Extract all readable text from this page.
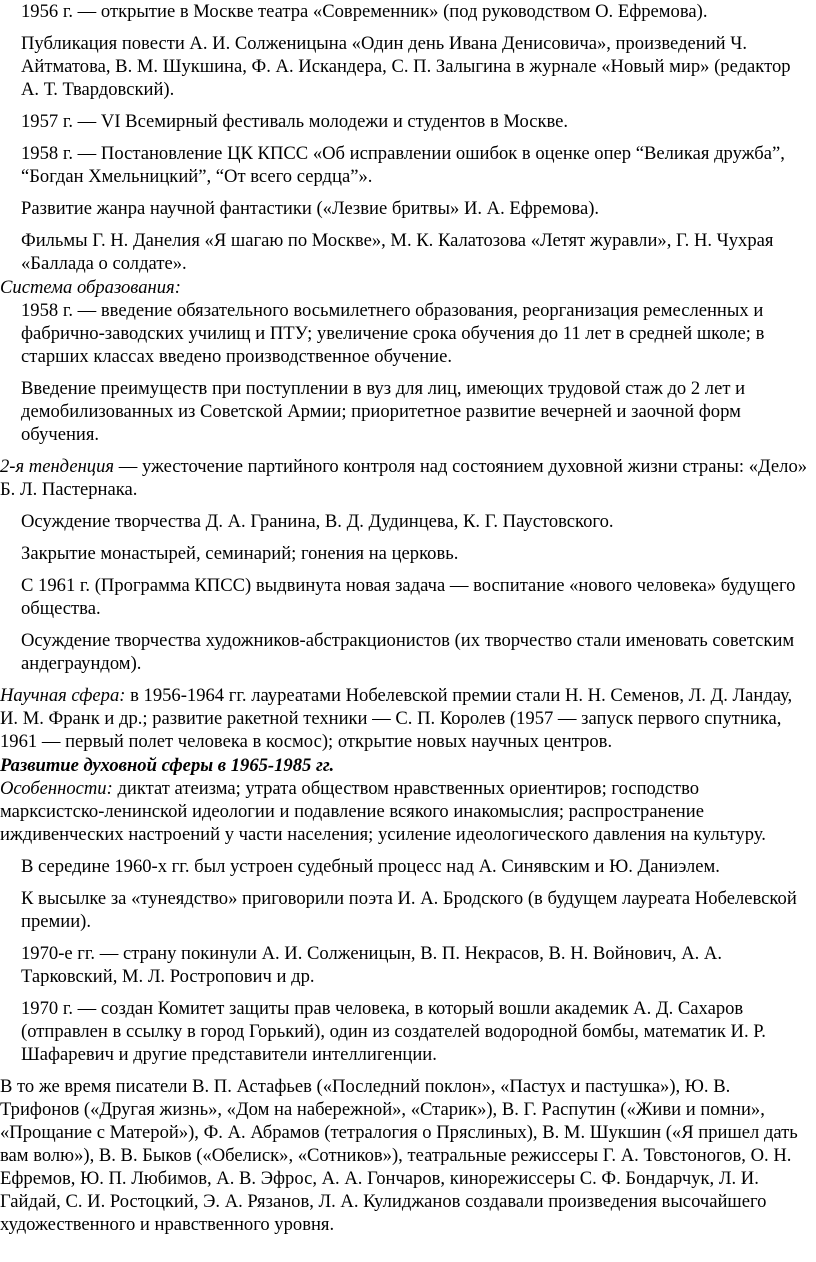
1956 г. — открытие в Москве театра «Современник» (под руководством О. Ефремова).

Публикация повести А. И. Солженицына «Один день Ивана Денисовича», произведений Ч. Айтматова, В. М. Шукшина, Ф. А. Искандера, С. П. Залыгина в журнале «Новый мир» (редактор А. Т. Твардовский).

1957 г. — VI Всемирный фестиваль молодежи и студентов в Москве.

1958 г. — Постановление ЦК КПСС «Об исправлении ошибок в оценке опер “Великая дружба”, “Богдан Хмельницкий”, “От всего сердца”».

Развитие жанра научной фантастики («Лезвие бритвы» И. А. Ефремова).

Фильмы Г. Н. Данелия «Я шагаю по Москве», М. К. Калатозова «Летят журавли», Г. Н. Чухрая «Баллада о солдате».

Система образования:

1958 г. — введение обязательного восьмилетнего образования, реорганизация ремесленных и фабрично-заводских училищ и ПТУ; увеличение срока обучения до 11 лет в средней школе; в старших классах введено производственное обучение.

Введение преимуществ при поступлении в вуз для лиц, имеющих трудовой стаж до 2 лет и демобилизованных из Советской Армии; приоритетное развитие вечерней и заочной форм обучения.

2-я тенденция — ужесточение партийного контроля над состоянием духовной жизни страны: «Дело» Б. Л. Пастернака.

Осуждение творчества Д. А. Гранина, В. Д. Дудинцева, К. Г. Паустовского.

Закрытие монастырей, семинарий; гонения на церковь.

С 1961 г. (Программа КПСС) выдвинута новая задача — воспитание «нового человека» будущего общества.

Осуждение творчества художников-абстракционистов (их творчество стали именовать советским андеграундом).

Научная сфера: в 1956-1964 гг. лауреатами Нобелевской премии стали Н. Н. Семенов, Л. Д. Ландау, И. М. Франк и др.; развитие ракетной техники — С. П. Королев (1957 — запуск первого спутника, 1961 — первый полет человека в космос); открытие новых научных центров.

Развитие духовной сферы в 1965-1985 гг.

Особенности: диктат атеизма; утрата обществом нравственных ориентиров; господство марксистско-ленинской идеологии и подавление всякого инакомыслия; распространение иждивенческих настроений у части населения; усиление идеологического давления на культуру.

В середине 1960-х гг. был устроен судебный процесс над А. Синявским и Ю. Даниэлем.

К высылке за «тунеядство» приговорили поэта И. А. Бродского (в будущем лауреата Нобелевской премии).

1970-е гг. — страну покинули А. И. Солженицын, В. П. Некрасов, В. Н. Войнович, А. А. Тарковский, М. Л. Ростропович и др.

1970 г. — создан Комитет защиты прав человека, в который вошли академик А. Д. Сахаров (отправлен в ссылку в город Горький), один из создателей водородной бомбы, математик И. Р. Шафаревич и другие представители интеллигенции.

В то же время писатели В. П. Астафьев («Последний поклон», «Пастух и пастушка»), Ю. В. Трифонов («Другая жизнь», «Дом на набережной», «Старик»), В. Г. Распутин («Живи и помни», «Прощание с Матерой»), Ф. А. Абрамов (тетралогия о Пряслиных), В. М. Шукшин («Я пришел дать вам волю»), В. В. Быков («Обелиск», «Сотников»), театральные режиссеры Г. А. Товстоногов, О. Н. Ефремов, Ю. П. Любимов, А. В. Эфрос, А. А. Гончаров, кинорежиссеры С. Ф. Бондарчук, Л. И. Гайдай, С. И. Ростоцкий, Э. А. Рязанов, Л. А. Кулиджанов создавали произведения высочайшего художественного и нравственного уровня.
